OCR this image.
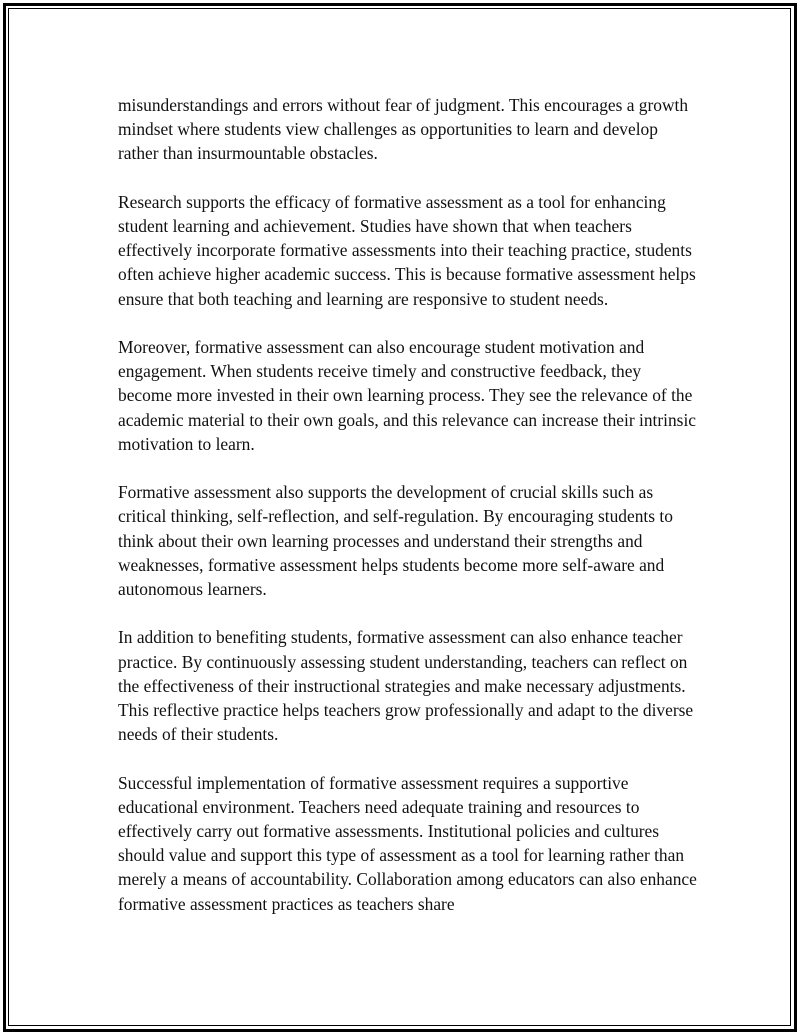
misunderstandings and errors without fear of judgment. This encourages a growth mindset where students view challenges as opportunities to learn and develop rather than insurmountable obstacles.

Research supports the efficacy of formative assessment as a tool for enhancing student learning and achievement. Studies have shown that when teachers effectively incorporate formative assessments into their teaching practice, students often achieve higher academic success. This is because formative assessment helps ensure that both teaching and learning are responsive to student needs.

Moreover, formative assessment can also encourage student motivation and engagement. When students receive timely and constructive feedback, they become more invested in their own learning process. They see the relevance of the academic material to their own goals, and this relevance can increase their intrinsic motivation to learn.

Formative assessment also supports the development of crucial skills such as critical thinking, self-reflection, and self-regulation. By encouraging students to think about their own learning processes and understand their strengths and weaknesses, formative assessment helps students become more self-aware and autonomous learners.

In addition to benefiting students, formative assessment can also enhance teacher practice. By continuously assessing student understanding, teachers can reflect on the effectiveness of their instructional strategies and make necessary adjustments. This reflective practice helps teachers grow professionally and adapt to the diverse needs of their students.

Successful implementation of formative assessment requires a supportive educational environment. Teachers need adequate training and resources to effectively carry out formative assessments. Institutional policies and cultures should value and support this type of assessment as a tool for learning rather than merely a means of accountability. Collaboration among educators can also enhance formative assessment practices as teachers share
